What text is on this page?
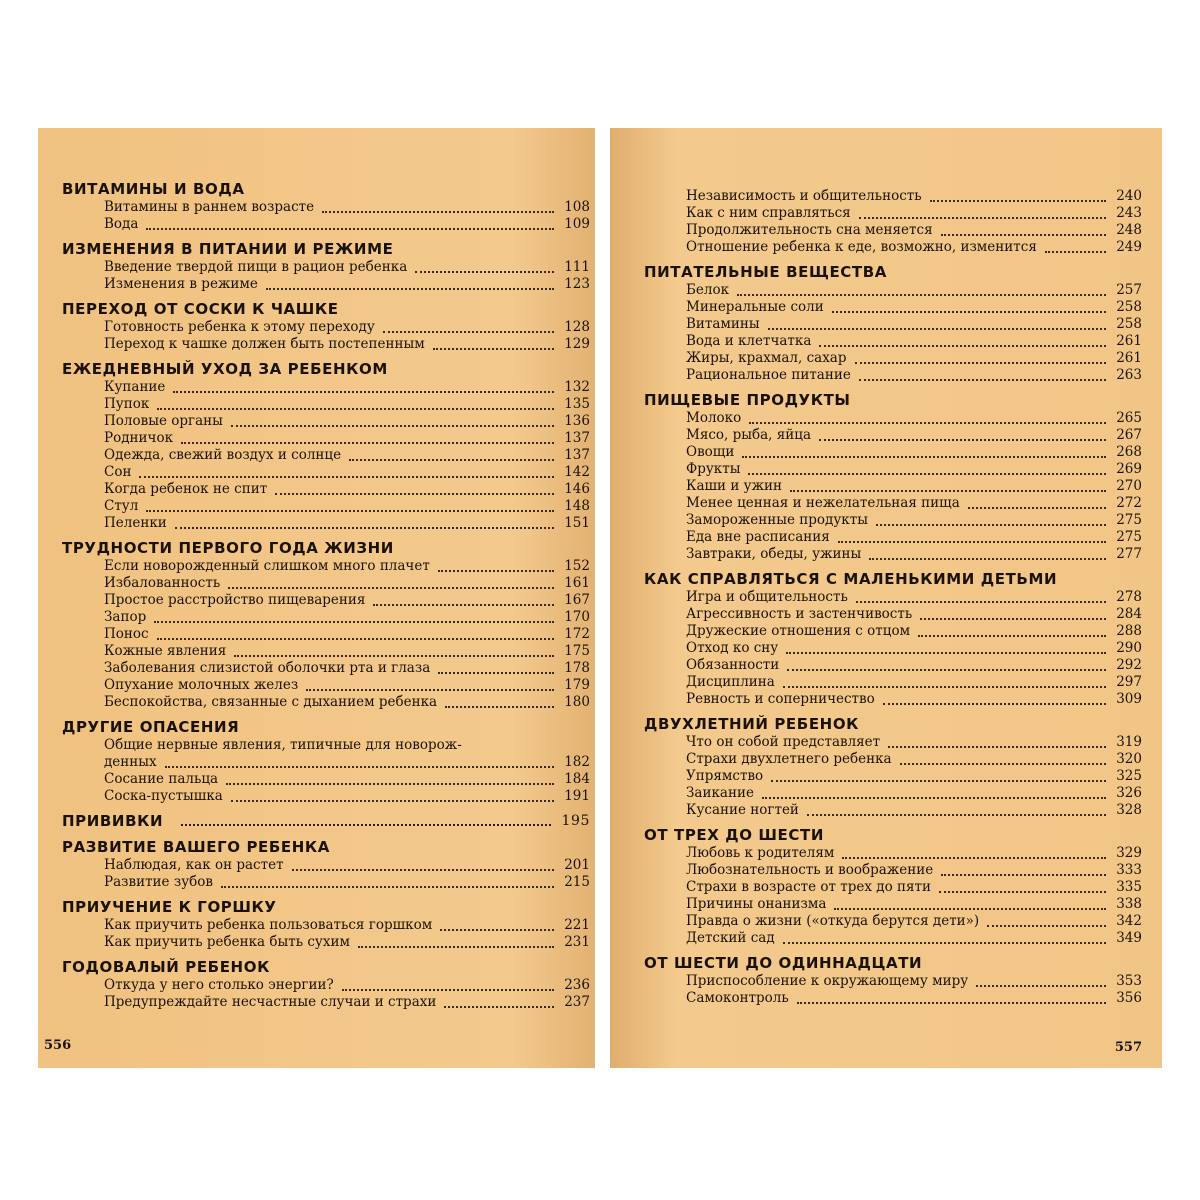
ВИТАМИНЫ И ВОДА
Витамины в раннем возрасте	108
Вода	109
ИЗМЕНЕНИЯ В ПИТАНИИ И РЕЖИМЕ
Введение твердой пищи в рацион ребенка	111
Изменения в режиме	123
ПЕРЕХОД ОТ СОСКИ К ЧАШКЕ
Готовность ребенка к этому переходу	128
Переход к чашке должен быть постепенным	129
ЕЖЕДНЕВНЫЙ УХОД ЗА РЕБЕНКОМ
Купание	132
Пупок	135
Половые органы	136
Родничок	137
Одежда, свежий воздух и солнце	137
Сон	142
Когда ребенок не спит	146
Стул	148
Пеленки	151
ТРУДНОСТИ ПЕРВОГО ГОДА ЖИЗНИ
Если новорожденный слишком много плачет	152
Избалованность	161
Простое расстройство пищеварения	167
Запор	170
Понос	172
Кожные явления	175
Заболевания слизистой оболочки рта и глаза	178
Опухание молочных желез	179
Беспокойства, связанные с дыханием ребенка	180
ДРУГИЕ ОПАСЕНИЯ
Общие нервные явления, типичные для новорож-
денных	182
Сосание пальца	184
Соска-пустышка	191
ПРИВИВКИ	195
РАЗВИТИЕ ВАШЕГО РЕБЕНКА
Наблюдая, как он растет	201
Развитие зубов	215
ПРИУЧЕНИЕ К ГОРШКУ
Как приучить ребенка пользоваться горшком	221
Как приучить ребенка быть сухим	231
ГОДОВАЛЫЙ РЕБЕНОК
Откуда у него столько энергии?	236
Предупреждайте несчастные случаи и страхи	237
556
Независимость и общительность	240
Как с ним справляться	243
Продолжительность сна меняется	248
Отношение ребенка к еде, возможно, изменится	249
ПИТАТЕЛЬНЫЕ ВЕЩЕСТВА
Белок	257
Минеральные соли	258
Витамины	258
Вода и клетчатка	261
Жиры, крахмал, сахар	261
Рациональное питание	263
ПИЩЕВЫЕ ПРОДУКТЫ
Молоко	265
Мясо, рыба, яйца	267
Овощи	268
Фрукты	269
Каши и ужин	270
Менее ценная и нежелательная пища	272
Замороженные продукты	275
Еда вне расписания	275
Завтраки, обеды, ужины	277
КАК СПРАВЛЯТЬСЯ С МАЛЕНЬКИМИ ДЕТЬМИ
Игра и общительность	278
Агрессивность и застенчивость	284
Дружеские отношения с отцом	288
Отход ко сну	290
Обязанности	292
Дисциплина	297
Ревность и соперничество	309
ДВУХЛЕТНИЙ РЕБЕНОК
Что он собой представляет	319
Страхи двухлетнего ребенка	320
Упрямство	325
Заикание	326
Кусание ногтей	328
ОТ ТРЕХ ДО ШЕСТИ
Любовь к родителям	329
Любознательность и воображение	333
Страхи в возрасте от трех до пяти	335
Причины онанизма	338
Правда о жизни («откуда берутся дети»)	342
Детский сад	349
ОТ ШЕСТИ ДО ОДИННАДЦАТИ
Приспособление к окружающему миру	353
Самоконтроль	356
557
